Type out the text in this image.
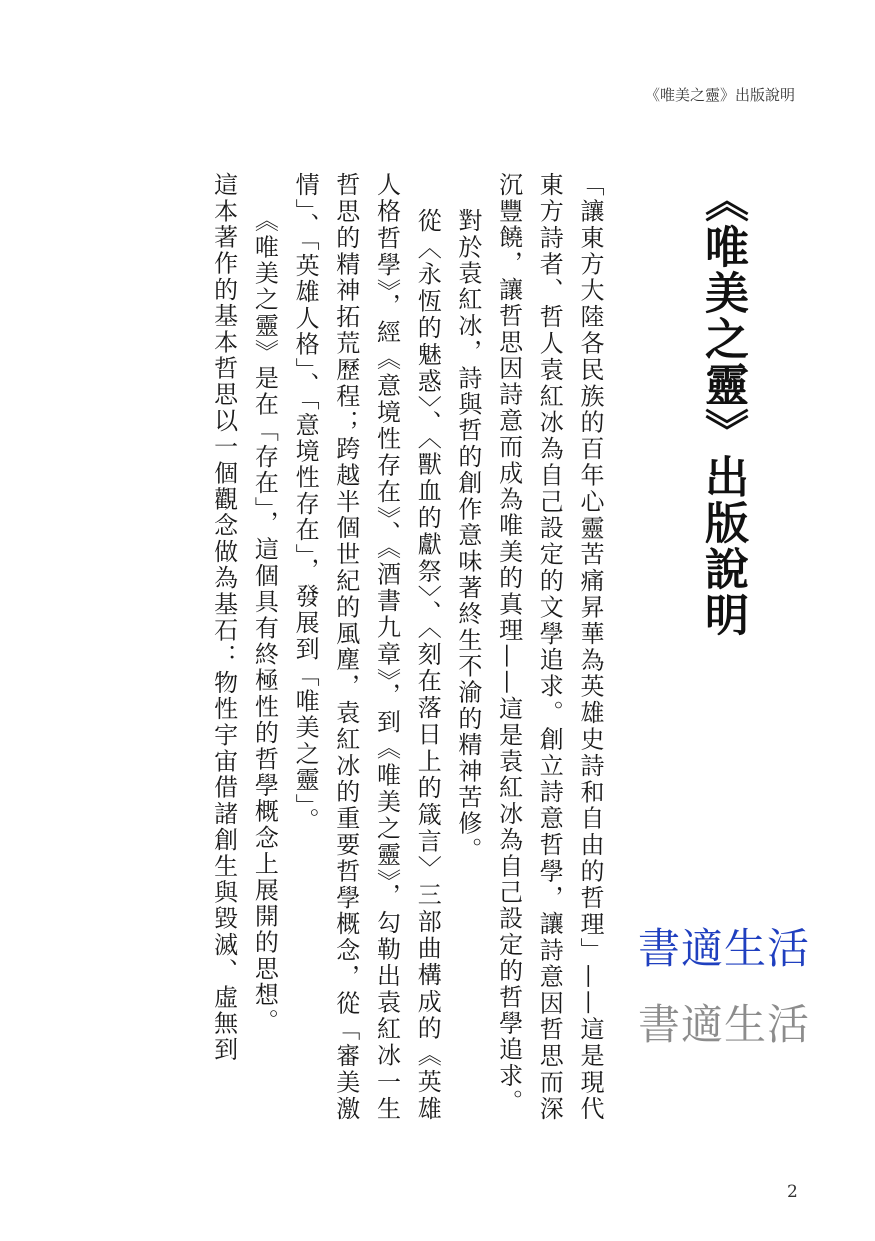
《唯美之靈》出版說明
《唯美之靈》出版說明

「讓東方大陸各民族的百年心靈苦痛昇華為英雄史詩和自由的哲理」——這是現代東方詩者、哲人袁紅冰為自己設定的文學追求。創立詩意哲學，讓詩意因哲思而深沉豐饒，讓哲思因詩意而成為唯美的真理——這是袁紅冰為自己設定的哲學追求。

對於袁紅冰，詩與哲的創作意味著終生不渝的精神苦修。

從〈永恆的魅惑〉、〈獸血的獻祭〉、〈刻在落日上的箴言〉三部曲構成的《英雄人格哲學》，經《意境性存在》、《酒書九章》，到《唯美之靈》，勾勒出袁紅冰一生哲思的精神拓荒歷程；跨越半個世紀的風塵，袁紅冰的重要哲學概念，從「審美激情」、「英雄人格」、「意境性存在」，發展到「唯美之靈」。

《唯美之靈》是在「存在」，這個具有終極性的哲學概念上展開的思想。

這本著作的基本哲思以一個觀念做為基石：物性宇宙借諸創生與毀滅、虛無到	書適生活
書適生活
2
